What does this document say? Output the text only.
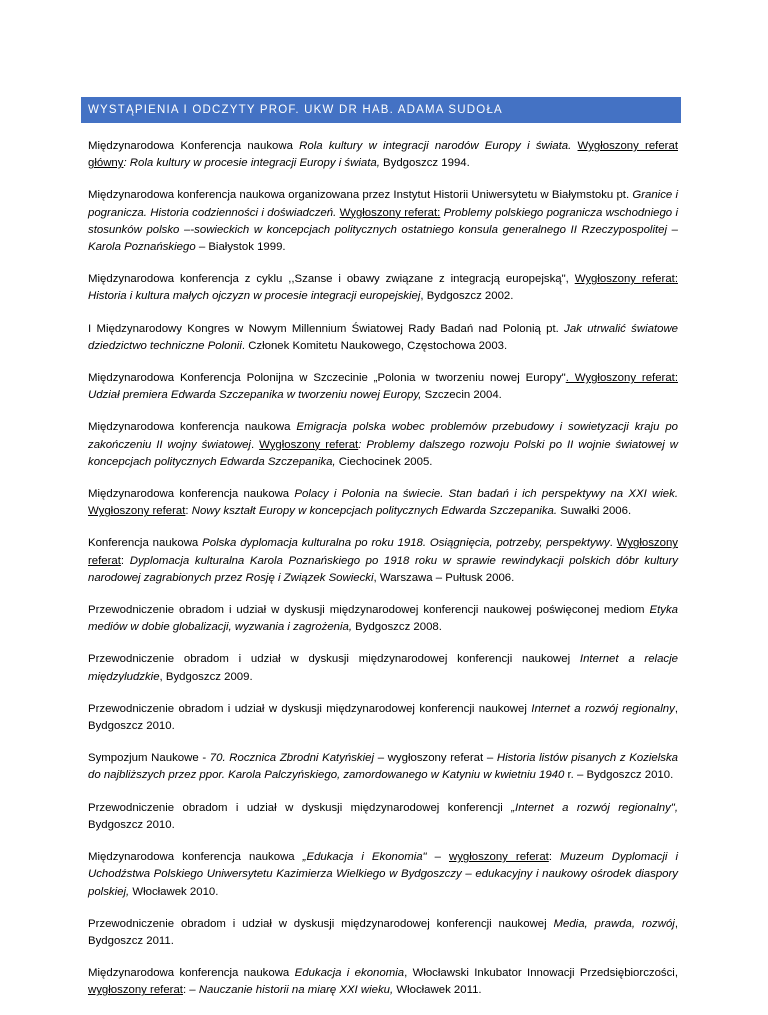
WYSTĄPIENIA I ODCZYTY PROF. UKW DR HAB. ADAMA SUDOŁA

Międzynarodowa Konferencja naukowa Rola kultury w integracji narodów Europy i świata. Wygłoszony referat główny: Rola kultury w procesie integracji Europy i świata, Bydgoszcz 1994.

Międzynarodowa konferencja naukowa organizowana przez Instytut Historii Uniwersytetu w Białymstoku pt. Granice i pogranicza. Historia codzienności i doświadczeń. Wygłoszony referat: Problemy polskiego pogranicza wschodniego i stosunków polsko –-sowieckich w koncepcjach politycznych ostatniego konsula generalnego II Rzeczypospolitej – Karola Poznańskiego – Białystok 1999.

Międzynarodowa konferencja z cyklu ,,Szanse i obawy związane z integracją europejską", Wygłoszony referat: Historia i kultura małych ojczyzn w procesie integracji europejskiej, Bydgoszcz 2002.

I Międzynarodowy Kongres w Nowym Millennium Światowej Rady Badań nad Polonią pt. Jak utrwalić światowe dziedzictwo techniczne Polonii. Członek Komitetu Naukowego, Częstochowa 2003.

Międzynarodowa Konferencja Polonijna w Szczecinie „Polonia w tworzeniu nowej Europy". Wygłoszony referat: Udział premiera Edwarda Szczepanika w tworzeniu nowej Europy, Szczecin 2004.

Międzynarodowa konferencja naukowa Emigracja polska wobec problemów przebudowy i sowietyzacji kraju po zakończeniu II wojny światowej. Wygłoszony referat: Problemy dalszego rozwoju Polski po II wojnie światowej w koncepcjach politycznych Edwarda Szczepanika, Ciechocinek 2005.

Międzynarodowa konferencja naukowa Polacy i Polonia na świecie. Stan badań i ich perspektywy na XXI wiek. Wygłoszony referat: Nowy kształt Europy w koncepcjach politycznych Edwarda Szczepanika. Suwałki 2006.

Konferencja naukowa Polska dyplomacja kulturalna po roku 1918. Osiągnięcia, potrzeby, perspektywy. Wygłoszony referat: Dyplomacja kulturalna Karola Poznańskiego po 1918 roku w sprawie rewindykacji polskich dóbr kultury narodowej zagrabionych przez Rosję i Związek Sowiecki, Warszawa – Pułtusk 2006.

Przewodniczenie obradom i udział w dyskusji międzynarodowej konferencji naukowej poświęconej mediom Etyka mediów w dobie globalizacji, wyzwania i zagrożenia, Bydgoszcz 2008.

Przewodniczenie obradom i udział w dyskusji międzynarodowej konferencji naukowej Internet a relacje międzyludzkie, Bydgoszcz 2009.

Przewodniczenie obradom i udział w dyskusji międzynarodowej konferencji naukowej Internet a rozwój regionalny, Bydgoszcz 2010.

Sympozjum Naukowe - 70. Rocznica Zbrodni Katyńskiej – wygłoszony referat – Historia listów pisanych z Kozielska do najbliższych przez ppor. Karola Palczyńskiego, zamordowanego w Katyniu w kwietniu 1940 r. – Bydgoszcz 2010.

Przewodniczenie obradom i udział w dyskusji międzynarodowej konferencji „Internet a rozwój regionalny", Bydgoszcz 2010.

Międzynarodowa konferencja naukowa „Edukacja i Ekonomia" – wygłoszony referat: Muzeum Dyplomacji i Uchodźstwa Polskiego Uniwersytetu Kazimierza Wielkiego w Bydgoszczy – edukacyjny i naukowy ośrodek diaspory polskiej, Włocławek 2010.

Przewodniczenie obradom i udział w dyskusji międzynarodowej konferencji naukowej Media, prawda, rozwój, Bydgoszcz 2011.

Międzynarodowa konferencja naukowa Edukacja i ekonomia, Włocławski Inkubator Innowacji Przedsiębiorczości, wygłoszony referat: – Nauczanie historii na miarę XXI wieku, Włocławek 2011.
